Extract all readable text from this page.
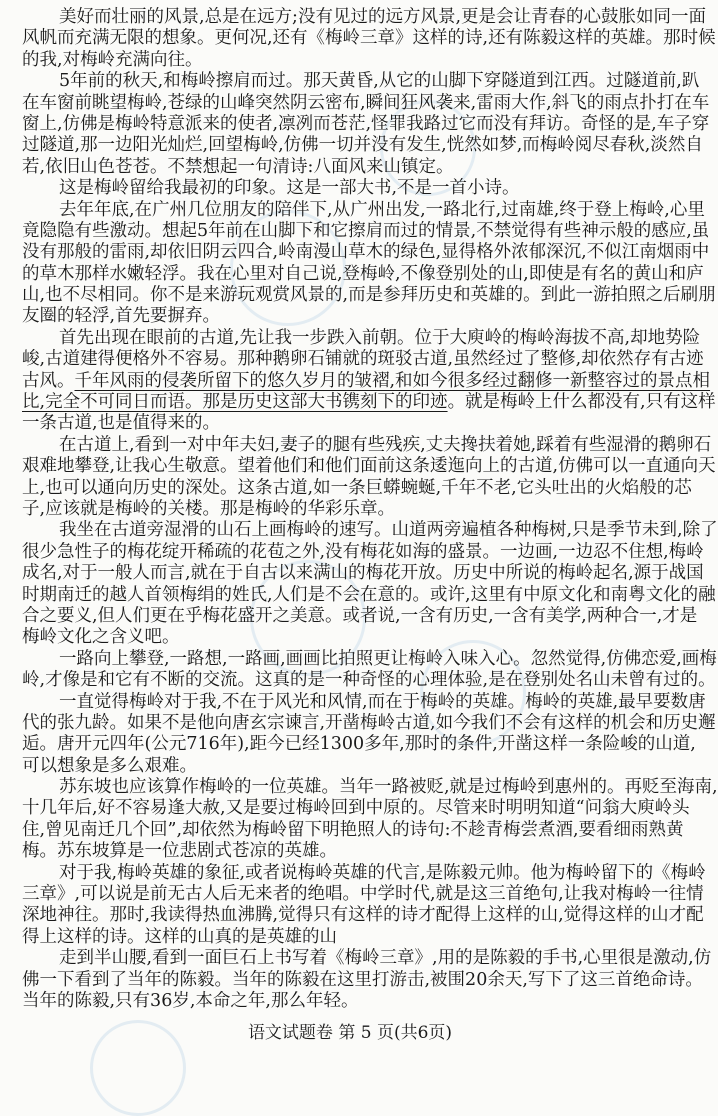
美好而壮丽的风景,总是在远方;没有见过的远方风景,更是会让青春的心鼓胀如同一面
风帆而充满无限的想象。更何况,还有《梅岭三章》这样的诗,还有陈毅这样的英雄。那时候
的我,对梅岭充满向往。
5年前的秋天,和梅岭擦肩而过。那天黄昏,从它的山脚下穿隧道到江西。过隧道前,趴
在车窗前眺望梅岭,苍绿的山峰突然阴云密布,瞬间狂风袭来,雷雨大作,斜飞的雨点扑打在车
窗上,仿佛是梅岭特意派来的使者,凛冽而苍茫,怪罪我路过它而没有拜访。奇怪的是,车子穿
过隧道,那一边阳光灿烂,回望梅岭,仿佛一切并没有发生,恍然如梦,而梅岭阅尽春秋,淡然自
若,依旧山色苍苍。不禁想起一句清诗:八面风来山镇定。
这是梅岭留给我最初的印象。这是一部大书,不是一首小诗。
去年年底,在广州几位朋友的陪伴下,从广州出发,一路北行,过南雄,终于登上梅岭,心里
竟隐隐有些激动。想起5年前在山脚下和它擦肩而过的情景,不禁觉得有些神示般的感应,虽
没有那般的雷雨,却依旧阴云四合,岭南漫山草木的绿色,显得格外浓郁深沉,不似江南烟雨中
的草木那样水嫩轻浮。我在心里对自己说,登梅岭,不像登别处的山,即使是有名的黄山和庐
山,也不尽相同。你不是来游玩观赏风景的,而是参拜历史和英雄的。到此一游拍照之后刷朋
友圈的轻浮,首先要摒弃。
首先出现在眼前的古道,先让我一步跌入前朝。位于大庾岭的梅岭海拔不高,却地势险
峻,古道建得便格外不容易。那种鹅卵石铺就的斑驳古道,虽然经过了整修,却依然存有古迹
古风。千年风雨的侵袭所留下的悠久岁月的皱褶,和如今很多经过翻修一新整容过的景点相
比,完全不可同日而语。那是历史这部大书镌刻下的印迹。就是梅岭上什么都没有,只有这样
一条古道,也是值得来的。
在古道上,看到一对中年夫妇,妻子的腿有些残疾,丈夫搀扶着她,踩着有些湿滑的鹅卵石
艰难地攀登,让我心生敬意。望着他们和他们面前这条逶迤向上的古道,仿佛可以一直通向天
上,也可以通向历史的深处。这条古道,如一条巨蟒蜿蜒,千年不老,它头吐出的火焰般的芯
子,应该就是梅岭的关楼。那是梅岭的华彩乐章。
我坐在古道旁湿滑的山石上画梅岭的速写。山道两旁遍植各种梅树,只是季节未到,除了
很少急性子的梅花绽开稀疏的花苞之外,没有梅花如海的盛景。一边画,一边忍不住想,梅岭
成名,对于一般人而言,就在于自古以来满山的梅花开放。历史中所说的梅岭起名,源于战国
时期南迁的越人首领梅绢的姓氏,人们是不会在意的。或许,这里有中原文化和南粤文化的融
合之要义,但人们更在乎梅花盛开之美意。或者说,一含有历史,一含有美学,两种合一,才是
梅岭文化之含义吧。
一路向上攀登,一路想,一路画,画画比拍照更让梅岭入味入心。忽然觉得,仿佛恋爱,画梅
岭,才像是和它有不断的交流。这真的是一种奇怪的心理体验,是在登别处名山未曾有过的。
一直觉得梅岭对于我,不在于风光和风情,而在于梅岭的英雄。梅岭的英雄,最早要数唐
代的张九龄。如果不是他向唐玄宗谏言,开凿梅岭古道,如今我们不会有这样的机会和历史邂
逅。唐开元四年(公元716年),距今已经1300多年,那时的条件,开凿这样一条险峻的山道,
可以想象是多么艰难。
苏东坡也应该算作梅岭的一位英雄。当年一路被贬,就是过梅岭到惠州的。再贬至海南,
十几年后,好不容易逢大赦,又是要过梅岭回到中原的。尽管来时明明知道“问翁大庾岭头
住,曾见南迁几个回”,却依然为梅岭留下明艳照人的诗句:不趁青梅尝煮酒,要看细雨熟黄
梅。苏东坡算是一位悲剧式苍凉的英雄。
对于我,梅岭英雄的象征,或者说梅岭英雄的代言,是陈毅元帅。他为梅岭留下的《梅岭
三章》,可以说是前无古人后无来者的绝唱。中学时代,就是这三首绝句,让我对梅岭一往情
深地神往。那时,我读得热血沸腾,觉得只有这样的诗才配得上这样的山,觉得这样的山才配
得上这样的诗。这样的山真的是英雄的山
走到半山腰,看到一面巨石上书写着《梅岭三章》,用的是陈毅的手书,心里很是激动,仿
佛一下看到了当年的陈毅。当年的陈毅在这里打游击,被围20余天,写下了这三首绝命诗。
当年的陈毅,只有36岁,本命之年,那么年轻。
语文试题卷 第 5 页(共6页)
